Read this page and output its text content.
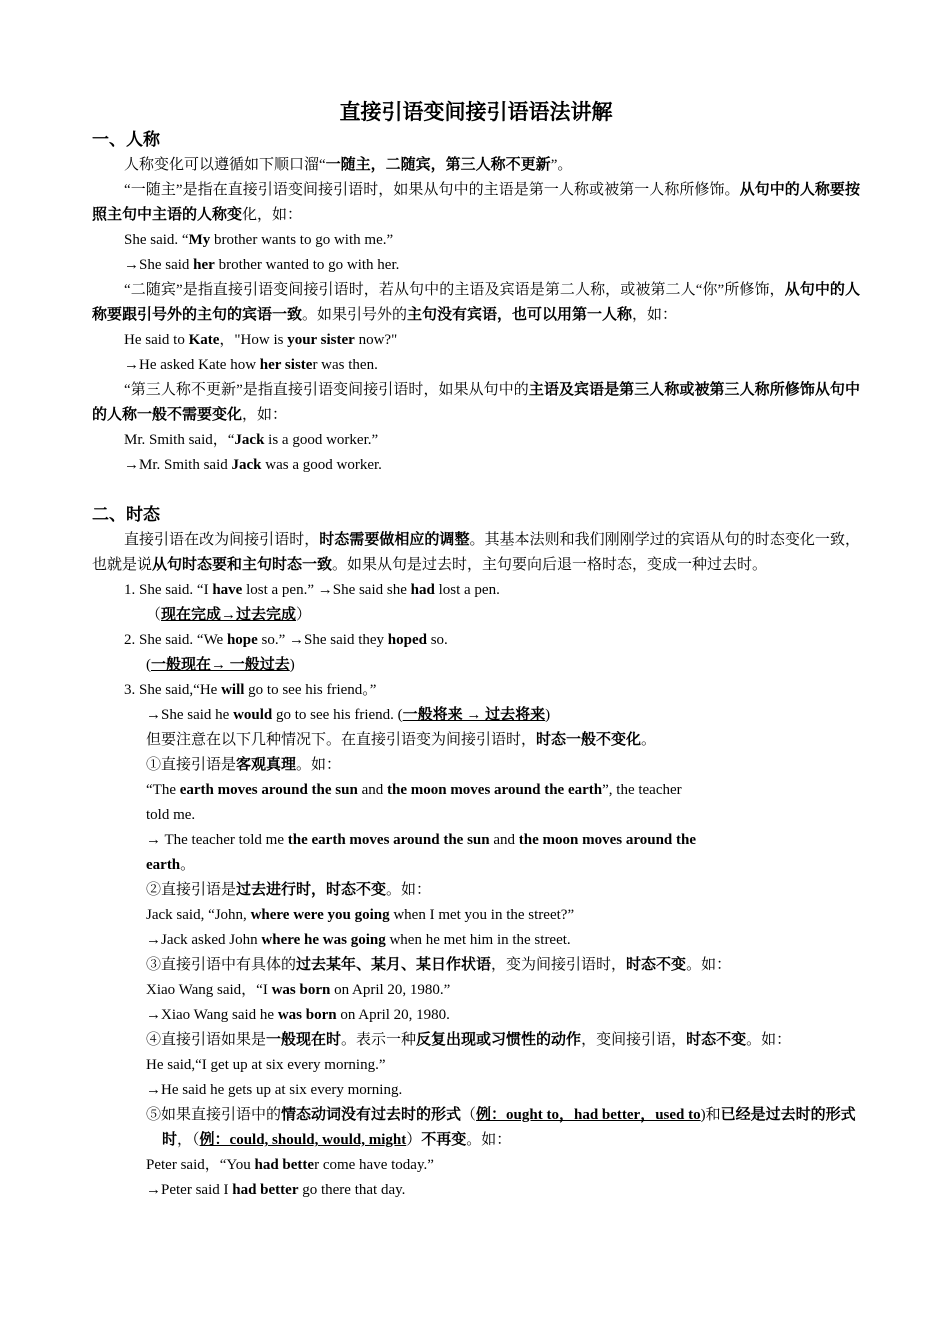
直接引语变间接引语语法讲解
一、人称

人称变化可以遵循如下顺口溜“一随主，二随宾，第三人称不更新”。

“一随主”是指在直接引语变间接引语时，如果从句中的主语是第一人称或被第一人称所修饰。从句中的人称要按照主句中主语的人称变化，如：

She said. “My brother wants to go with me.”

→She said her brother wanted to go with her.

“二随宾”是指直接引语变间接引语时，若从句中的主语及宾语是第二人称，或被第二人“你”所修饰，从句中的人称要跟引号外的主句的宾语一致。如果引号外的主句没有宾语，也可以用第一人称，如：

He said to Kate，"How is your sister now?"

→He asked Kate how her sister was then.

“第三人称不更新”是指直接引语变间接引语时，如果从句中的主语及宾语是第三人称或被第三人称所修饰从句中的人称一般不需要变化，如：

Mr. Smith said，“Jack is a good worker.”

→Mr. Smith said Jack was a good worker.

二、时态

直接引语在改为间接引语时，时态需要做相应的调整。其基本法则和我们刚刚学过的宾语从句的时态变化一致，也就是说从句时态要和主句时态一致。如果从句是过去时，主句要向后退一格时态，变成一种过去时。

1. She said. “I have lost a pen.” →She said she had lost a pen.

（现在完成→过去完成）

2. She said. “We hope so.” →She said they hoped so.

(一般现在→ 一般过去)

3. She said,“He will go to see his friend。”

→She said he would go to see his friend. (一般将来 → 过去将来)

但要注意在以下几种情况下。在直接引语变为间接引语时，时态一般不变化。

①直接引语是客观真理。如：

“The earth moves around the sun and the moon moves around the earth”, the teacher

told me.

→ The teacher told me the earth moves around the sun and the moon moves around the

earth。

②直接引语是过去进行时，时态不变。如：

Jack said, “John, where were you going when I met you in the street?”

→Jack asked John where he was going when he met him in the street.

③直接引语中有具体的过去某年、某月、某日作状语，变为间接引语时，时态不变。如：

Xiao Wang said，“I was born on April 20, 1980.”

→Xiao Wang said he was born on April 20, 1980.

④直接引语如果是一般现在时。表示一种反复出现或习惯性的动作，变间接引语，时态不变。如：

He said,“I get up at six every morning.”

→He said he gets up at six every morning.

⑤如果直接引语中的情态动词没有过去时的形式（例：ought to，had better，used to)和已经是过去时的形式时，（例：could, should, would, might）不再变。如：

Peter said，“You had better come have today.”

→Peter said I had better go there that day.
